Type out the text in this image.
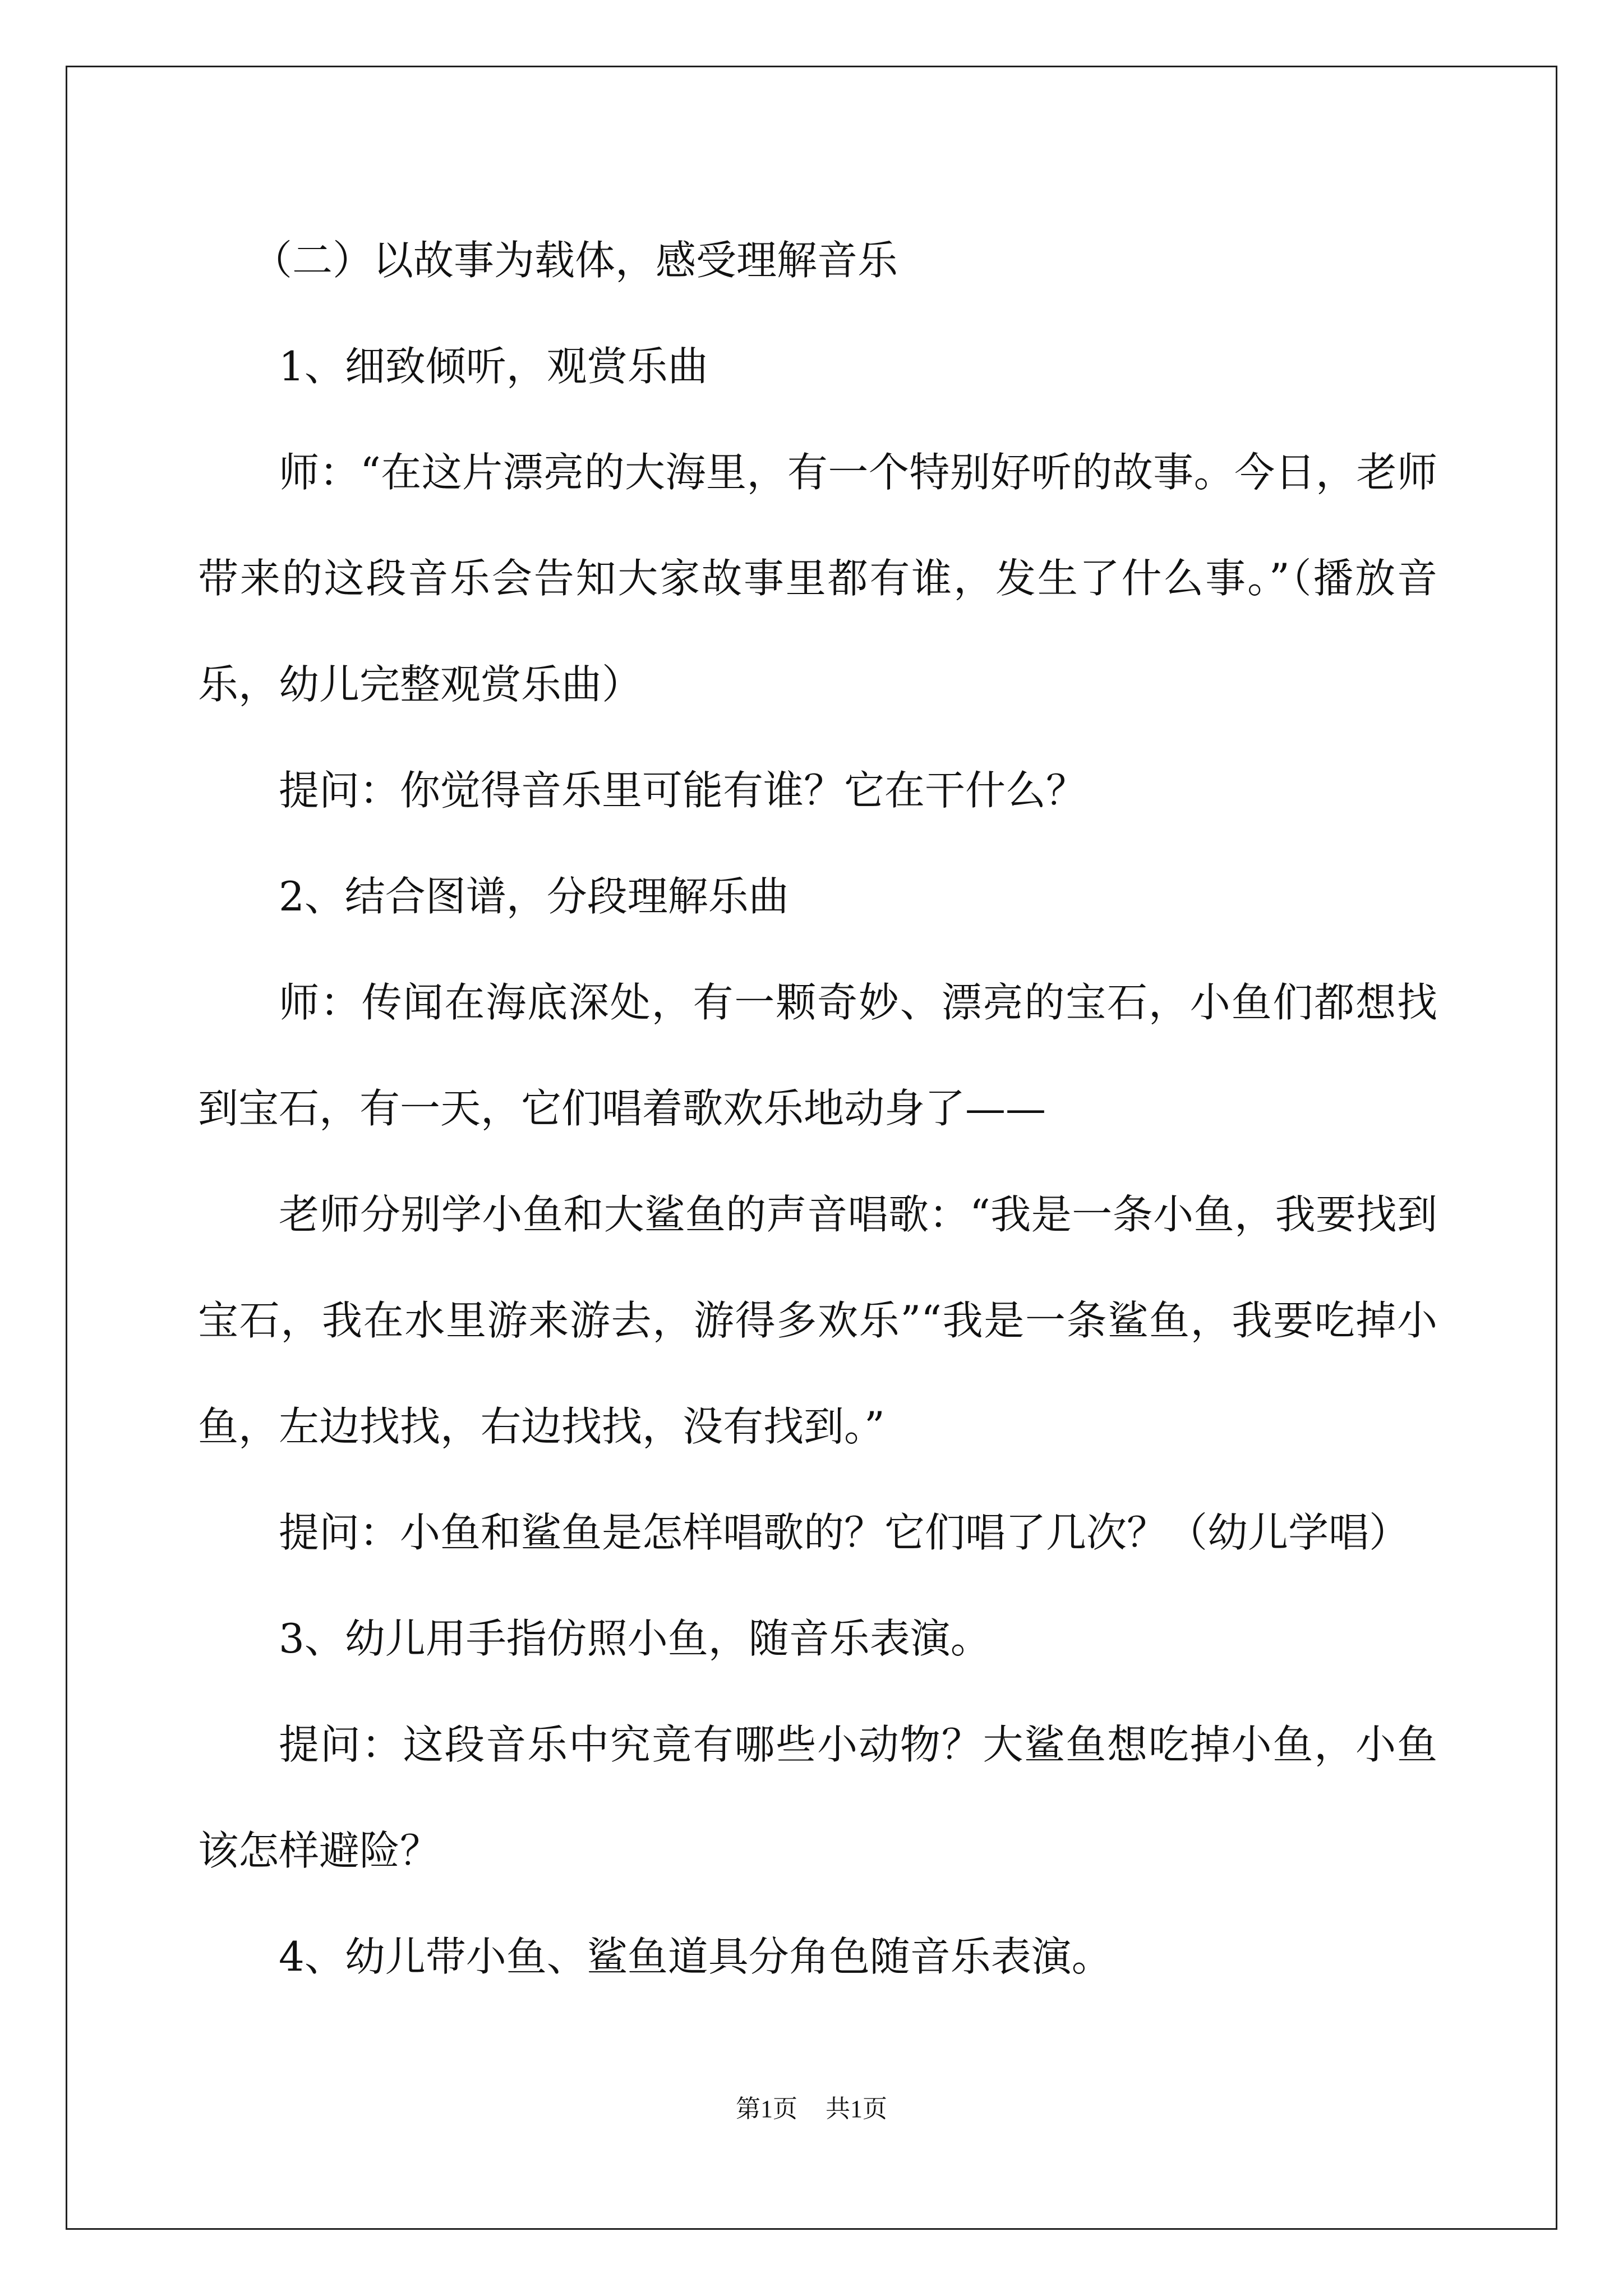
（二）以故事为载体，感受理解音乐

1、细致倾听，观赏乐曲

师：“在这片漂亮的大海里，有一个特别好听的故事。今日，老师带来的这段音乐会告知大家故事里都有谁，发生了什么事。”（播放音乐，幼儿完整观赏乐曲）

提问：你觉得音乐里可能有谁？它在干什么？

2、结合图谱，分段理解乐曲

师：传闻在海底深处，有一颗奇妙、漂亮的宝石，小鱼们都想找到宝石，有一天，它们唱着歌欢乐地动身了——

老师分别学小鱼和大鲨鱼的声音唱歌：“我是一条小鱼，我要找到宝石，我在水里游来游去，游得多欢乐”“我是一条鲨鱼，我要吃掉小鱼，左边找找，右边找找，没有找到。”

提问：小鱼和鲨鱼是怎样唱歌的？它们唱了几次？（幼儿学唱）

3、幼儿用手指仿照小鱼，随音乐表演。

提问：这段音乐中究竟有哪些小动物？大鲨鱼想吃掉小鱼，小鱼该怎样避险？

4、幼儿带小鱼、鲨鱼道具分角色随音乐表演。

第1页 共1页
